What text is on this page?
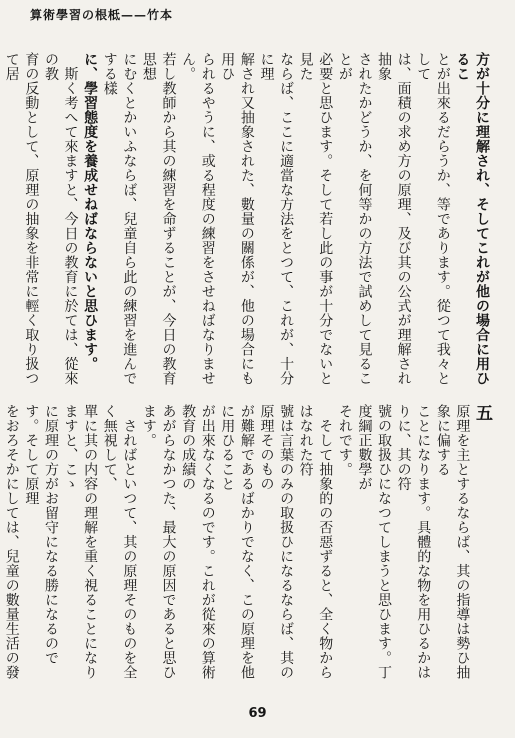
算術學習の根柢——竹本
方が十分に理解され、そしてこれが他の場合に用ひるこ
とが出來るだらうか、等であります。從つて我々として
は、面積の求め方の原理、及び其の公式が理解され抽象
されたかどうか、を何等かの方法で試めして見ることが
必要と思ひます。そして若し此の事が十分でないと見た
ならば、ここに適當な方法をとつて、これが、十分に理
解され又抽象された、數量の關係が、他の場合にも用ひ
られるやうに、或る程度の練習をさせねばなりません。
若し教師から其の練習を命ずることが、今日の教育思想
にむくとかいふならば、兒童自ら此の練習を進んでする樣
に、學習態度を養成せねばならないと思ひます。
　斯く考へて來ますと、今日の教育に於ては、從來の教
育の反動として、原理の抽象を非常に輕く取り扱つて居
五
原理を主とするならば、其の指導は勢ひ抽象に偏する
ことになります。具體的な物を用ひるかはりに、其の符
號の取扱ひになつてしまうと思ひます。丁度綱正數學が
それです。
　そして抽象的の否惡ずると、全く物からはなれた符
號は言葉のみの取扱ひになるならば、其の原理そのもの
が難解であるばかりでなく、この原理を他に用ひること
が出來なくなるのです。これが從來の算術教育の成績の
あがらなかつた、最大の原因であると思ひます。
　さればといつて、其の原理そのものを全く無視して、
單に其の内容の理解を重く視ることになりますと、こゝ
に原理の方がお留守になる勝になるのです。そして原理
をおろそかにしては、兒童の數量生活の發
69
